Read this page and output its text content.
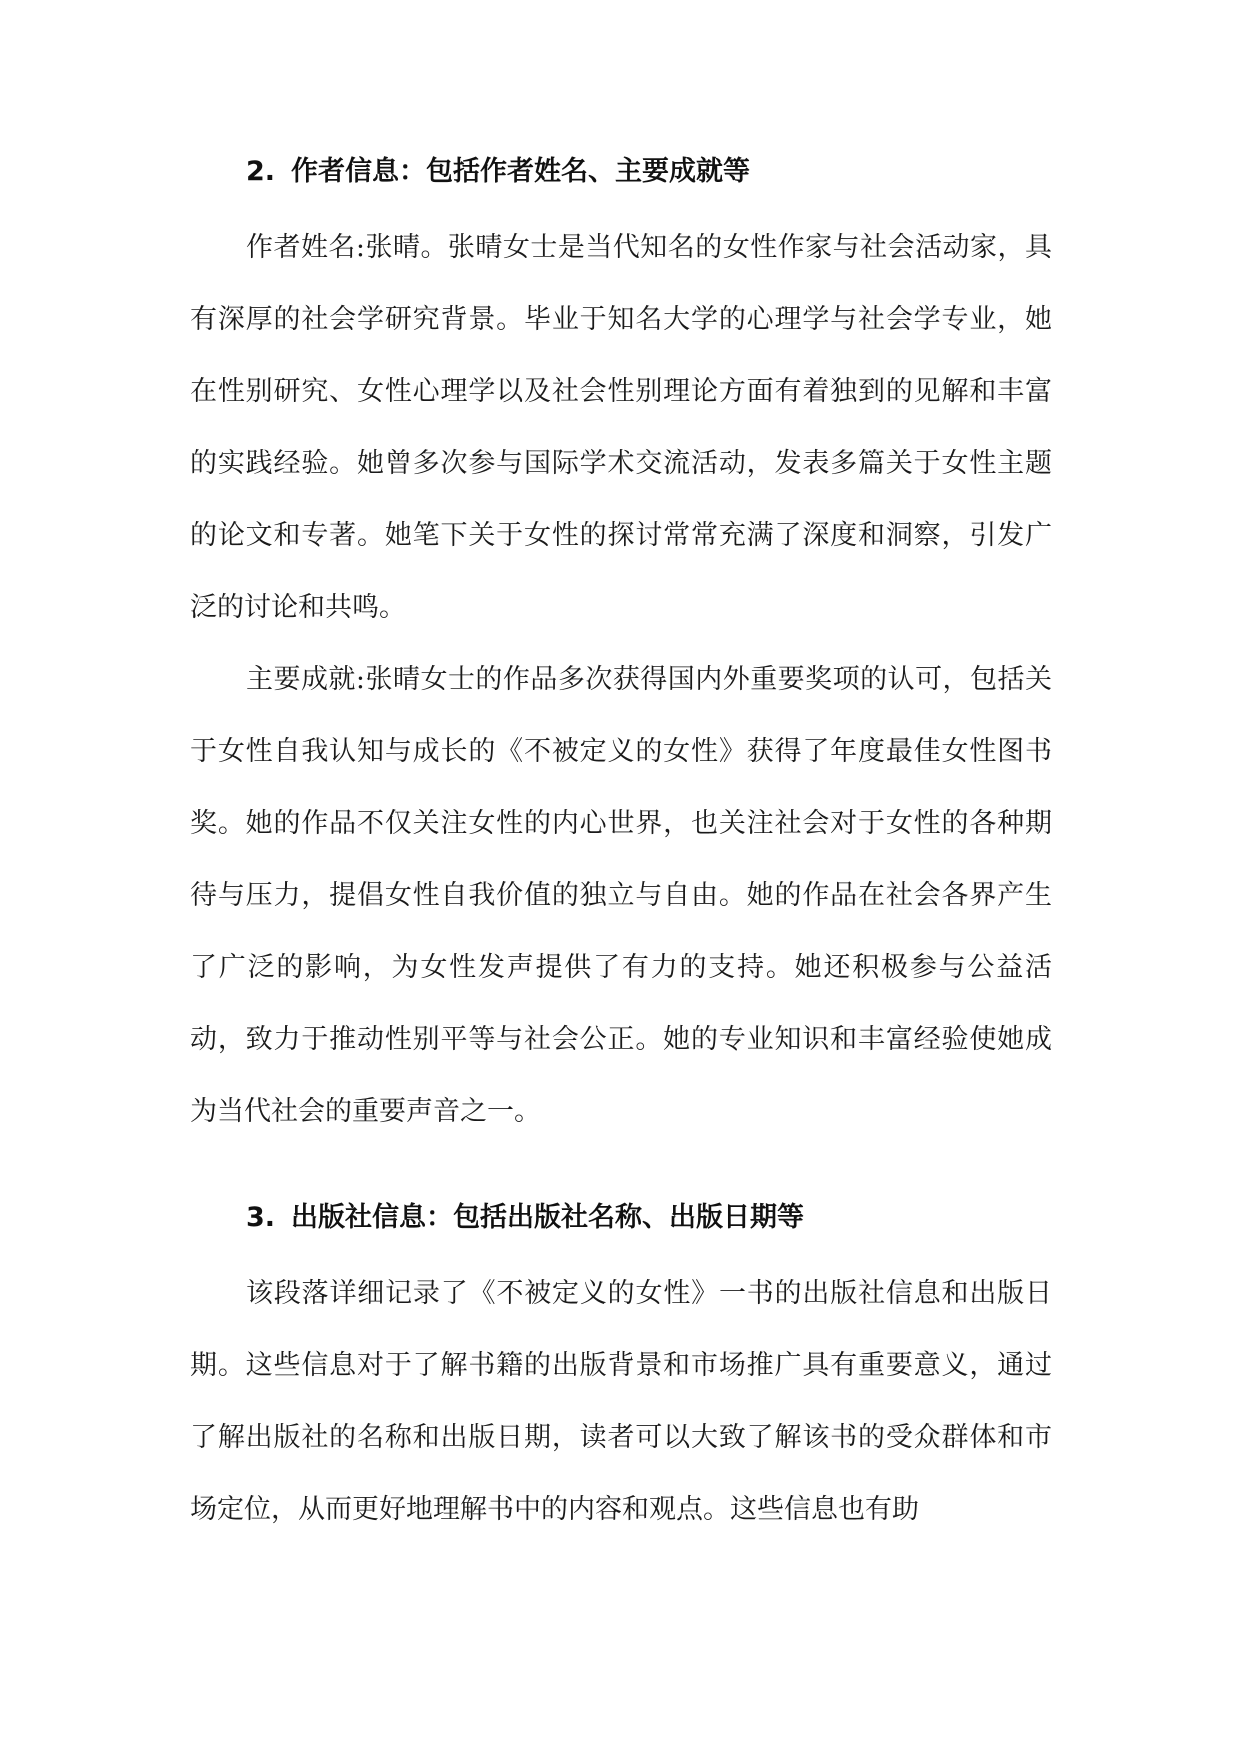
2. 作者信息：包括作者姓名、主要成就等

作者姓名:张晴。张晴女士是当代知名的女性作家与社会活动家，具有深厚的社会学研究背景。毕业于知名大学的心理学与社会学专业，她在性别研究、女性心理学以及社会性别理论方面有着独到的见解和丰富的实践经验。她曾多次参与国际学术交流活动，发表多篇关于女性主题的论文和专著。她笔下关于女性的探讨常常充满了深度和洞察，引发广泛的讨论和共鸣。

主要成就:张晴女士的作品多次获得国内外重要奖项的认可，包括关于女性自我认知与成长的《不被定义的女性》获得了年度最佳女性图书奖。她的作品不仅关注女性的内心世界，也关注社会对于女性的各种期待与压力，提倡女性自我价值的独立与自由。她的作品在社会各界产生了广泛的影响，为女性发声提供了有力的支持。她还积极参与公益活动，致力于推动性别平等与社会公正。她的专业知识和丰富经验使她成为当代社会的重要声音之一。

3. 出版社信息：包括出版社名称、出版日期等

该段落详细记录了《不被定义的女性》一书的出版社信息和出版日期。这些信息对于了解书籍的出版背景和市场推广具有重要意义，通过了解出版社的名称和出版日期，读者可以大致了解该书的受众群体和市场定位，从而更好地理解书中的内容和观点。这些信息也有助
